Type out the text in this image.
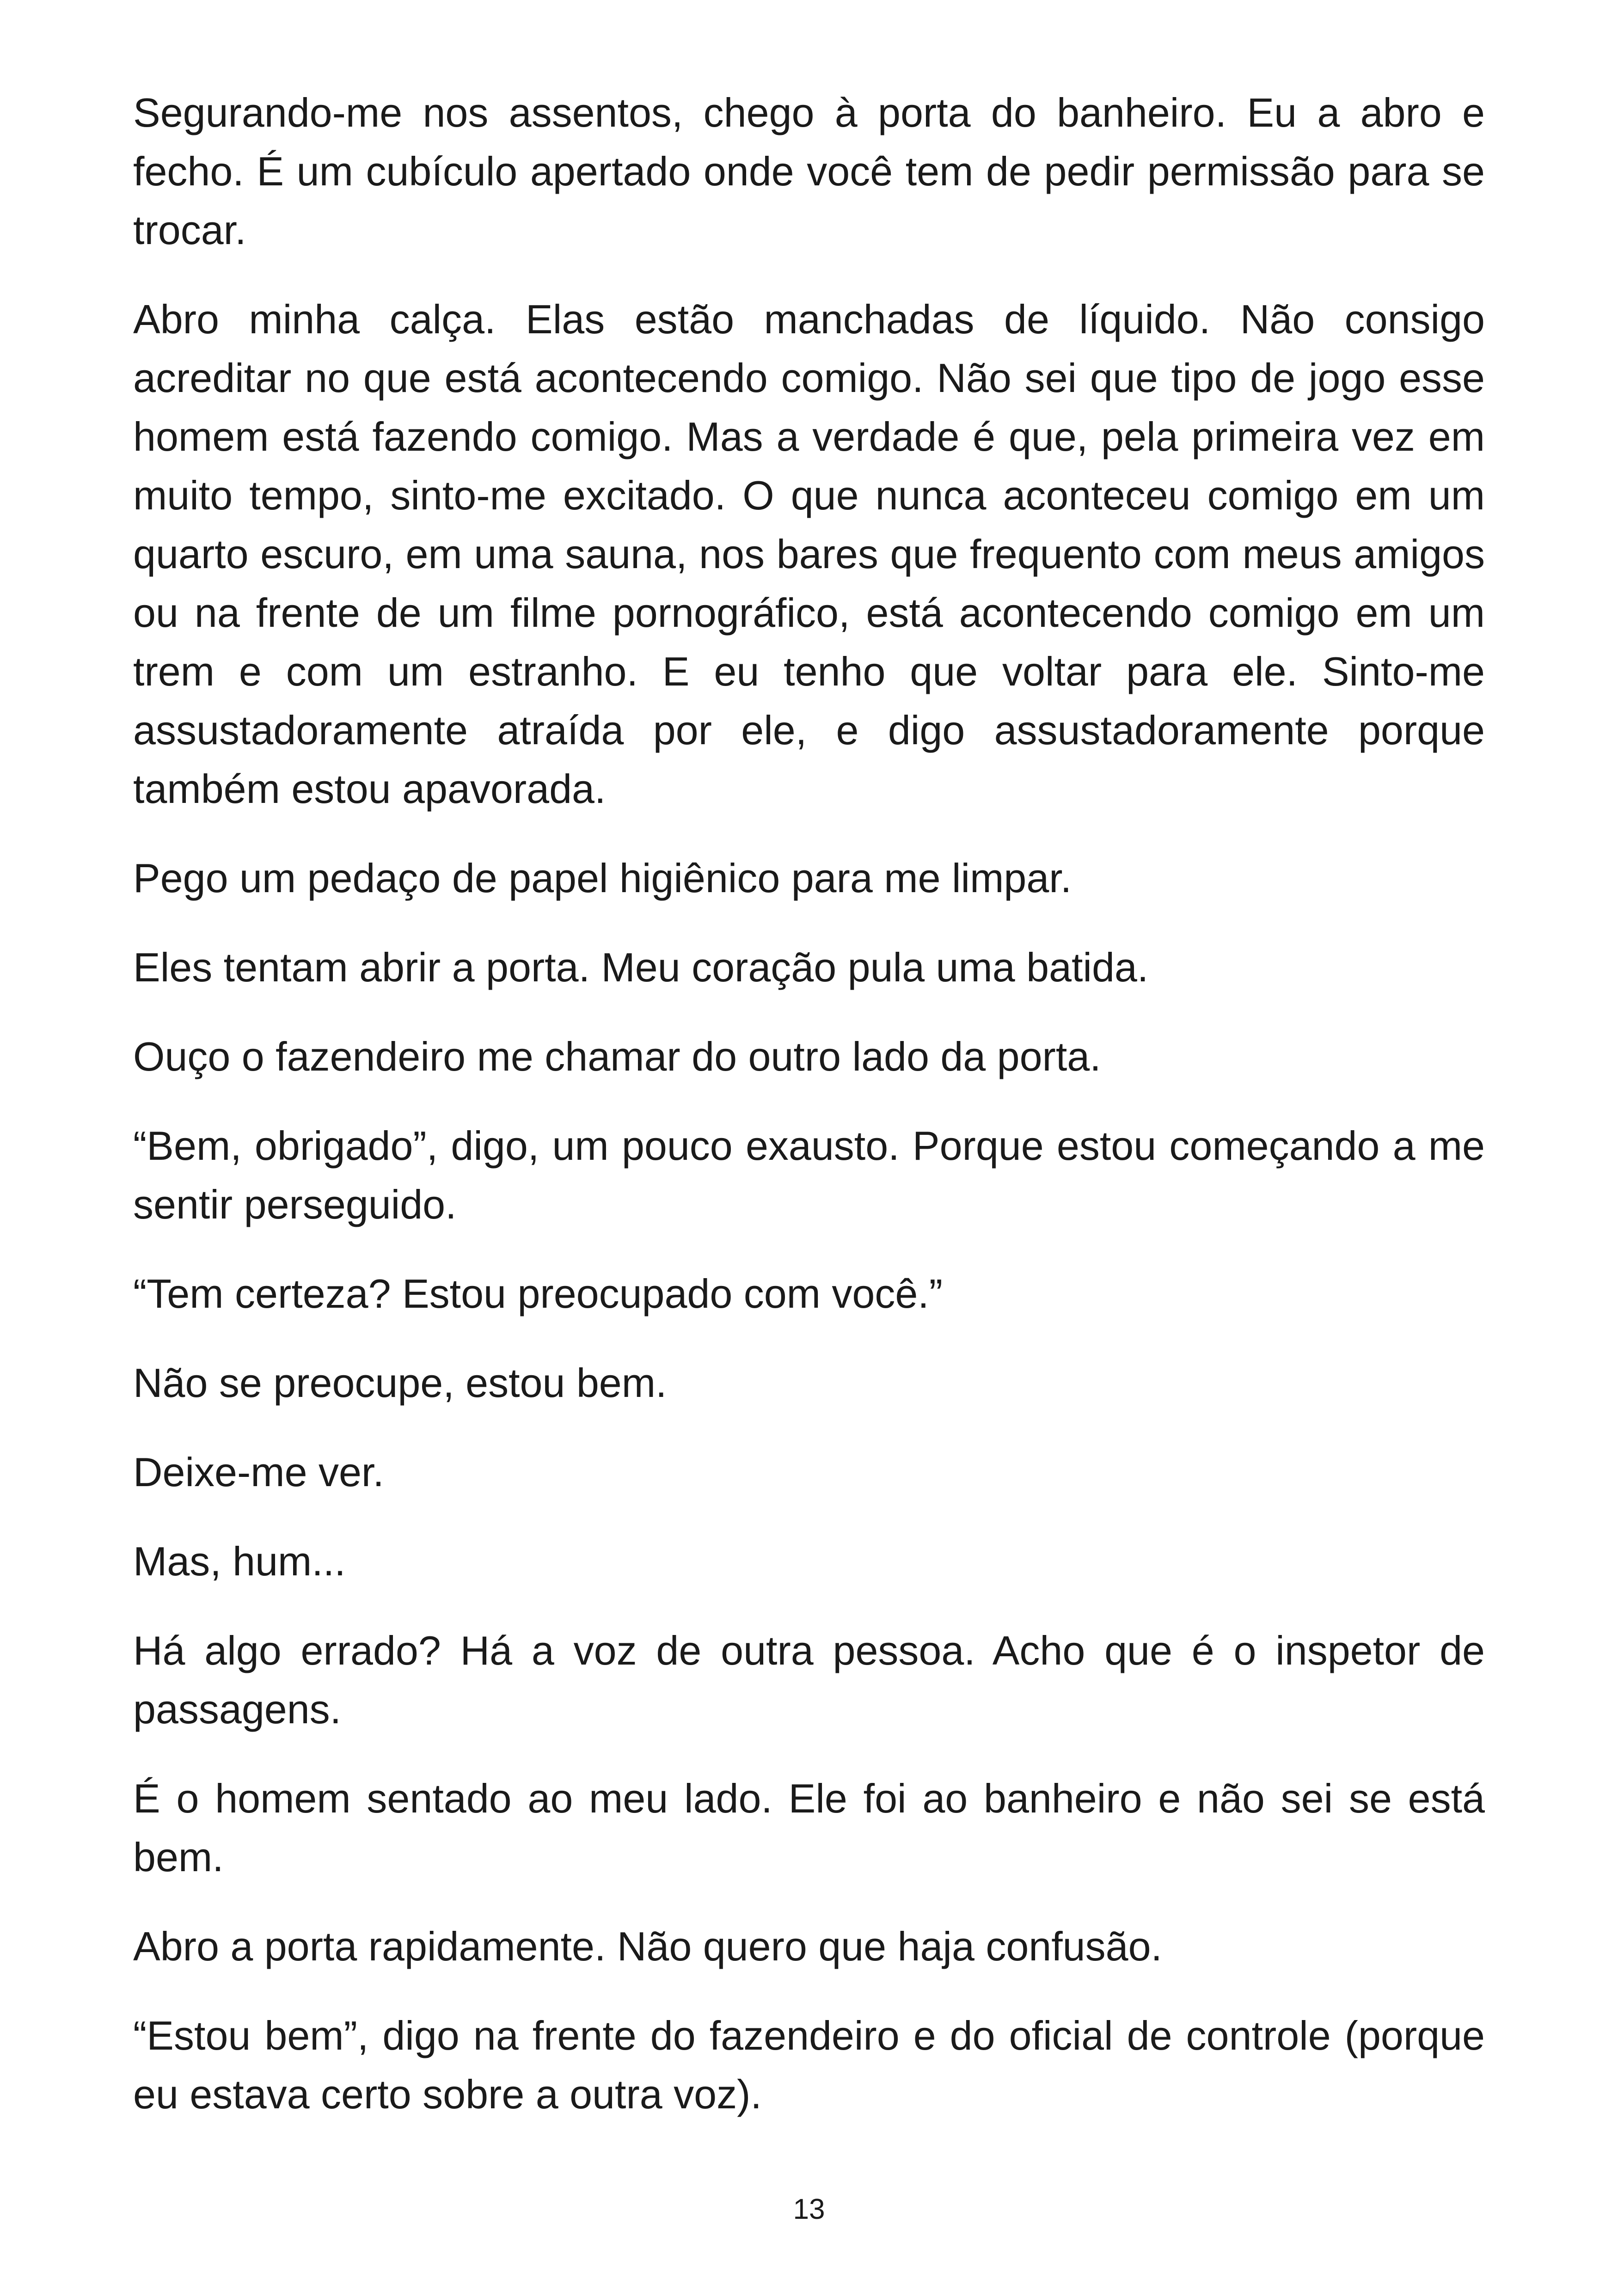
Segurando-me nos assentos, chego à porta do banheiro. Eu a abro e fecho. É um cubículo apertado onde você tem de pedir permissão para se trocar.

Abro minha calça. Elas estão manchadas de líquido. Não consigo acreditar no que está acontecendo comigo. Não sei que tipo de jogo esse homem está fazendo comigo. Mas a verdade é que, pela primeira vez em muito tempo, sinto-me excitado. O que nunca aconteceu comigo em um quarto escuro, em uma sauna, nos bares que frequento com meus amigos ou na frente de um filme pornográfico, está acontecendo comigo em um trem e com um estranho. E eu tenho que voltar para ele. Sinto-me assustadoramente atraída por ele, e digo assustadoramente porque também estou apavorada.

Pego um pedaço de papel higiênico para me limpar.

Eles tentam abrir a porta. Meu coração pula uma batida.

Ouço o fazendeiro me chamar do outro lado da porta.

“Bem, obrigado”, digo, um pouco exausto. Porque estou começando a me sentir perseguido.

“Tem certeza? Estou preocupado com você.”

Não se preocupe, estou bem.

Deixe-me ver.

Mas, hum...

Há algo errado? Há a voz de outra pessoa. Acho que é o inspetor de passagens.

É o homem sentado ao meu lado. Ele foi ao banheiro e não sei se está bem.

Abro a porta rapidamente. Não quero que haja confusão.

“Estou bem”, digo na frente do fazendeiro e do oficial de controle (porque eu estava certo sobre a outra voz).

13
